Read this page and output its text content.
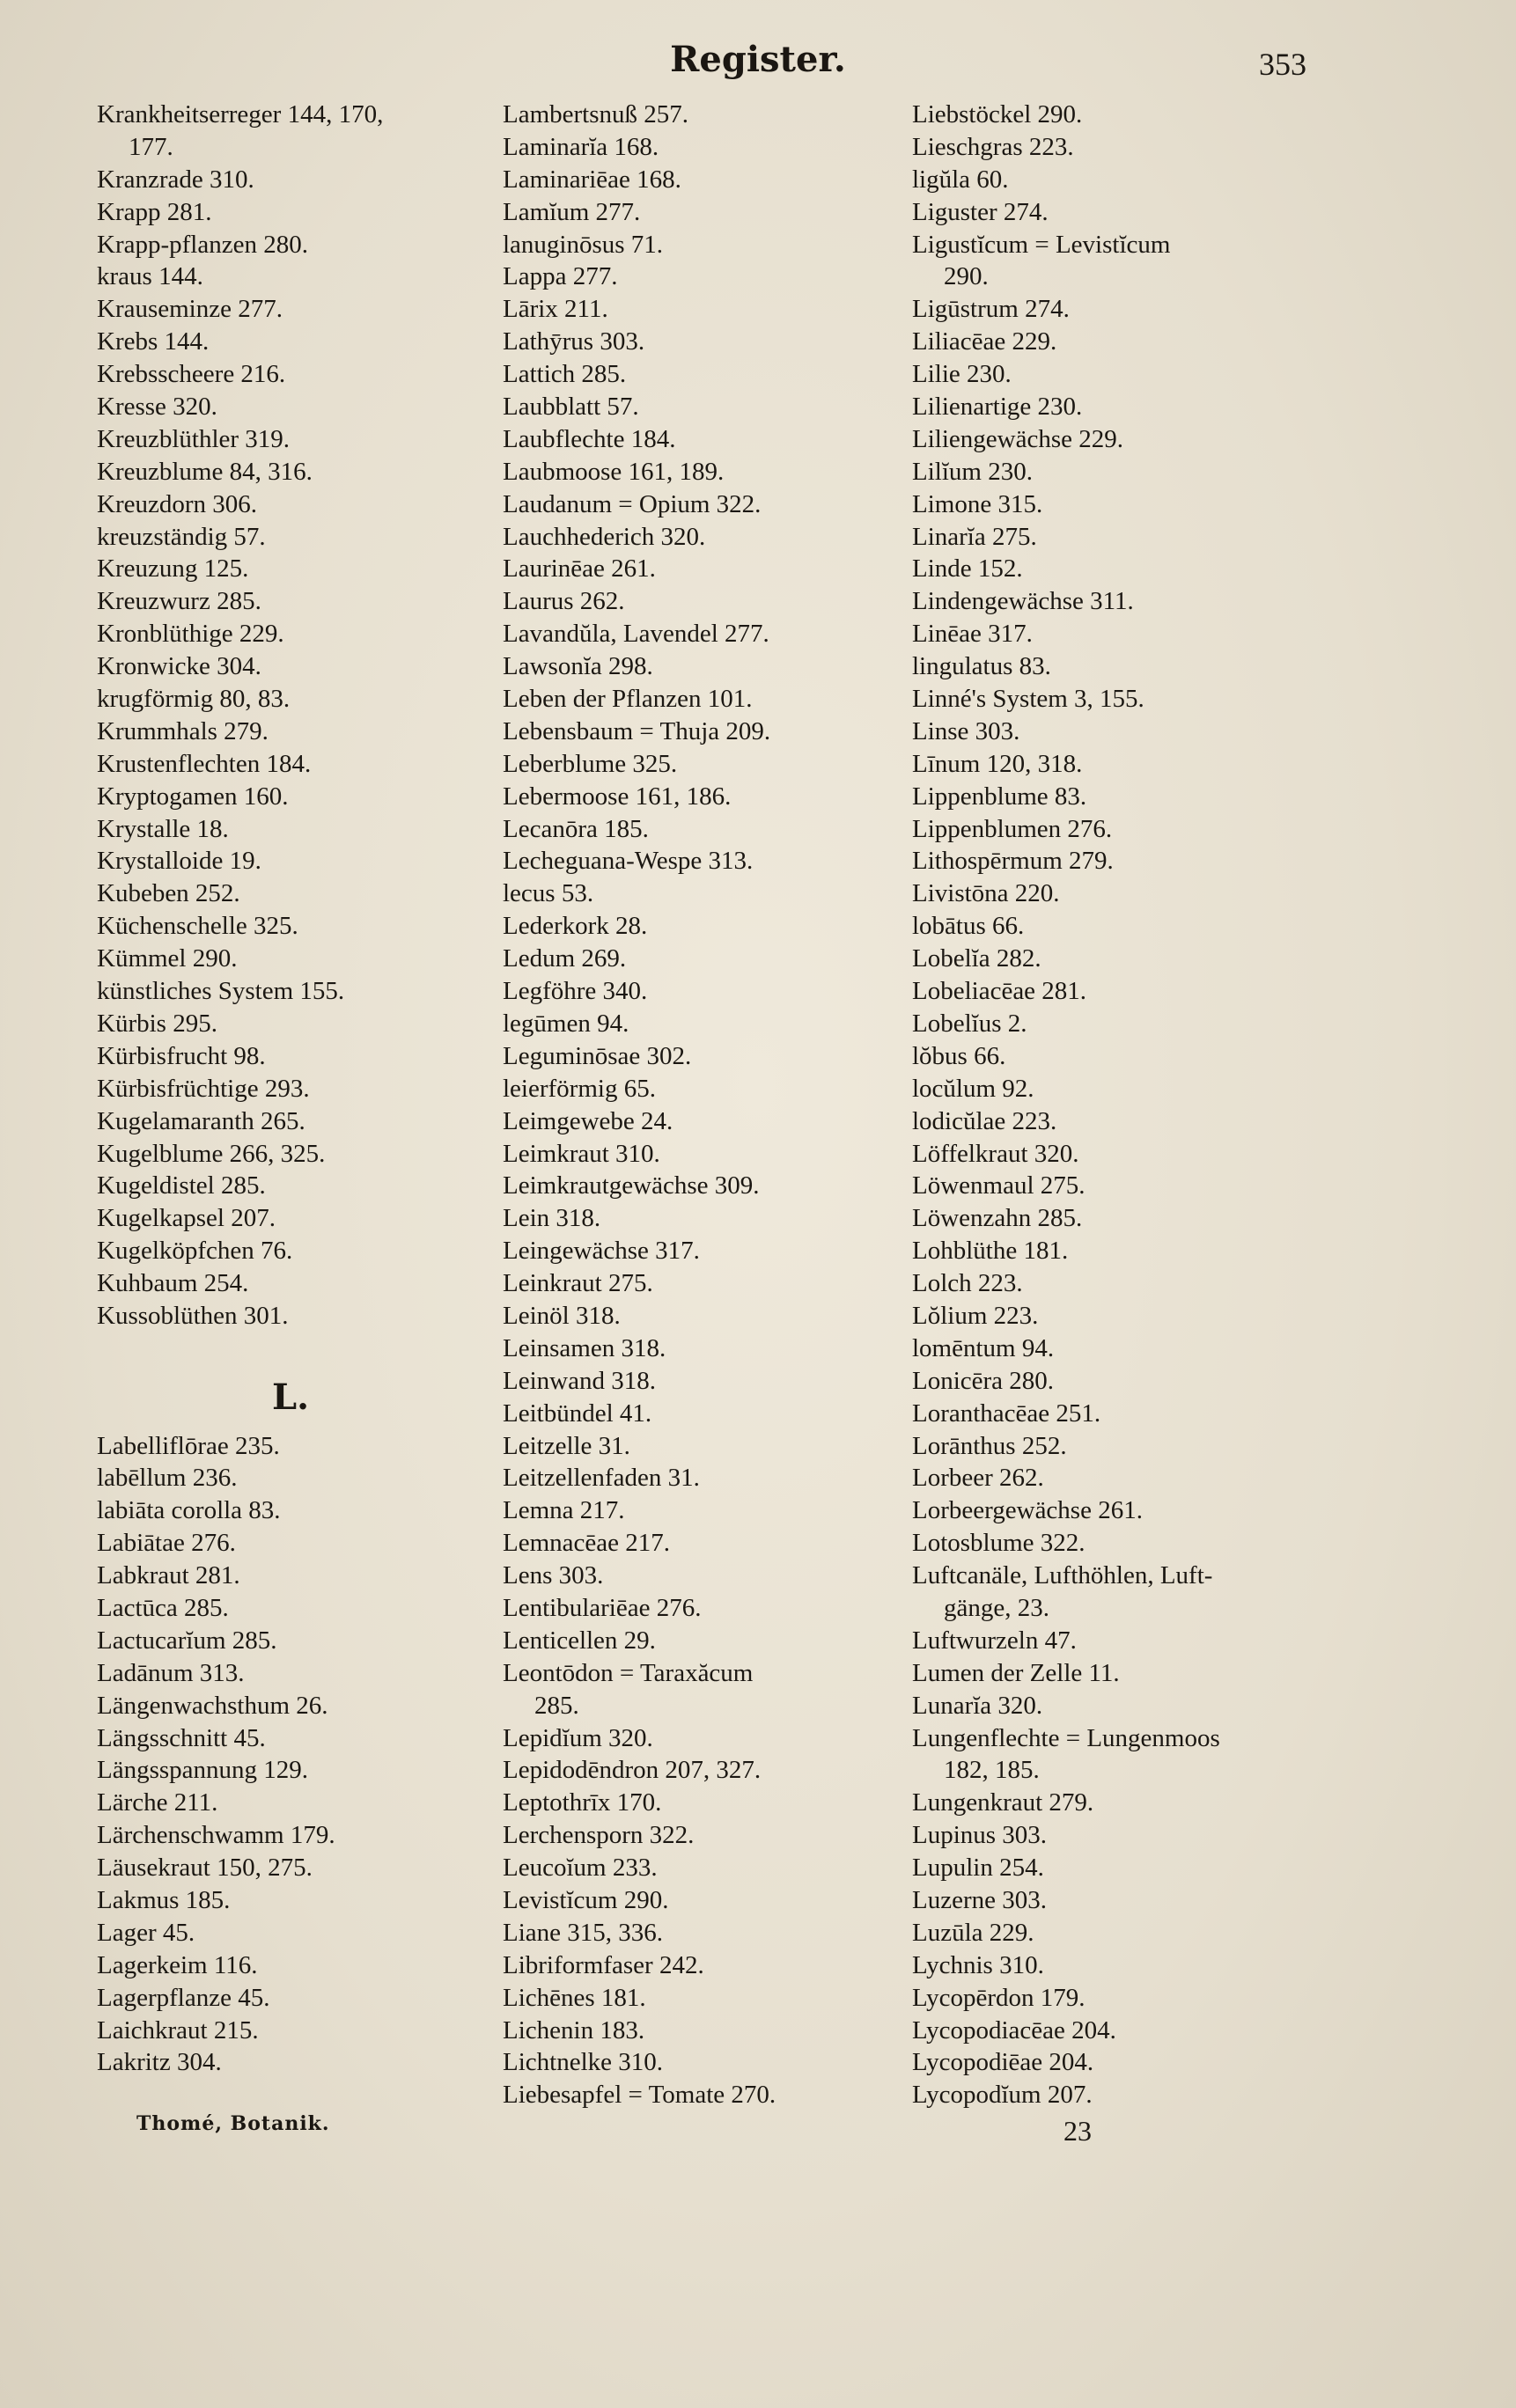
Register.	353
Krankheitserreger 144, 170,
177.
Kranzrade 310.
Krapp 281.
Krapp-pflanzen 280.
kraus 144.
Krauseminze 277.
Krebs 144.
Krebsscheere 216.
Kresse 320.
Kreuzblüthler 319.
Kreuzblume 84, 316.
Kreuzdorn 306.
kreuzständig 57.
Kreuzung 125.
Kreuzwurz 285.
Kronblüthige 229.
Kronwicke 304.
krugförmig 80, 83.
Krummhals 279.
Krustenflechten 184.
Kryptogamen 160.
Krystalle 18.
Krystalloide 19.
Kubeben 252.
Küchenschelle 325.
Kümmel 290.
künstliches System 155.
Kürbis 295.
Kürbisfrucht 98.
Kürbisfrüchtige 293.
Kugelamaranth 265.
Kugelblume 266, 325.
Kugeldistel 285.
Kugelkapsel 207.
Kugelköpfchen 76.
Kuhbaum 254.
Kussoblüthen 301.
L.
Labelliflōrae 235.
labēllum 236.
labiāta corolla 83.
Labiātae 276.
Labkraut 281.
Lactūca 285.
Lactucarĭum 285.
Ladānum 313.
Längenwachsthum 26.
Längsschnitt 45.
Längsspannung 129.
Lärche 211.
Lärchenschwamm 179.
Läusekraut 150, 275.
Lakmus 185.
Lager 45.
Lagerkeim 116.
Lagerpflanze 45.
Laichkraut 215.
Lakritz 304.
Lambertsnuß 257.
Laminarĭa 168.
Laminariēae 168.
Lamĭum 277.
lanuginōsus 71.
Lappa 277.
Lārix 211.
Lathȳrus 303.
Lattich 285.
Laubblatt 57.
Laubflechte 184.
Laubmoose 161, 189.
Laudanum = Opium 322.
Lauchhederich 320.
Laurinēae 261.
Laurus 262.
Lavandŭla, Lavendel 277.
Lawsonĭa 298.
Leben der Pflanzen 101.
Lebensbaum = Thuja 209.
Leberblume 325.
Lebermoose 161, 186.
Lecanōra 185.
Lecheguana-Wespe 313.
lecus 53.
Lederkork 28.
Ledum 269.
Legföhre 340.
legūmen 94.
Leguminōsae 302.
leierförmig 65.
Leimgewebe 24.
Leimkraut 310.
Leimkrautgewächse 309.
Lein 318.
Leingewächse 317.
Leinkraut 275.
Leinöl 318.
Leinsamen 318.
Leinwand 318.
Leitbündel 41.
Leitzelle 31.
Leitzellenfaden 31.
Lemna 217.
Lemnacēae 217.
Lens 303.
Lentibulariēae 276.
Lenticellen 29.
Leontōdon = Taraxăcum
285.
Lepidĭum 320.
Lepidodēndron 207, 327.
Leptothrīx 170.
Lerchensporn 322.
Leucoĭum 233.
Levistĭcum 290.
Liane 315, 336.
Libriformfaser 242.
Lichēnes 181.
Lichenin 183.
Lichtnelke 310.
Liebesapfel = Tomate 270.
Liebstöckel 290.
Lieschgras 223.
ligŭla 60.
Liguster 274.
Ligustĭcum = Levistĭcum
290.
Ligūstrum 274.
Liliacēae 229.
Lilie 230.
Lilienartige 230.
Liliengewächse 229.
Lilĭum 230.
Limone 315.
Linarĭa 275.
Linde 152.
Lindengewächse 311.
Linēae 317.
lingulatus 83.
Linné's System 3, 155.
Linse 303.
Līnum 120, 318.
Lippenblume 83.
Lippenblumen 276.
Lithospērmum 279.
Livistōna 220.
lobātus 66.
Lobelĭa 282.
Lobeliacēae 281.
Lobelĭus 2.
lŏbus 66.
locŭlum 92.
lodicŭlae 223.
Löffelkraut 320.
Löwenmaul 275.
Löwenzahn 285.
Lohblüthe 181.
Lolch 223.
Lŏlium 223.
lomēntum 94.
Lonicēra 280.
Loranthacēae 251.
Lorānthus 252.
Lorbeer 262.
Lorbeergewächse 261.
Lotosblume 322.
Luftcanäle, Lufthöhlen, Luft-
gänge, 23.
Luftwurzeln 47.
Lumen der Zelle 11.
Lunarĭa 320.
Lungenflechte = Lungenmoos
182, 185.
Lungenkraut 279.
Lupinus 303.
Lupulin 254.
Luzerne 303.
Luzūla 229.
Lychnis 310.
Lycopērdon 179.
Lycopodiacēae 204.
Lycopodiēae 204.
Lycopodĭum 207.
Thomé, Botanik.	23
